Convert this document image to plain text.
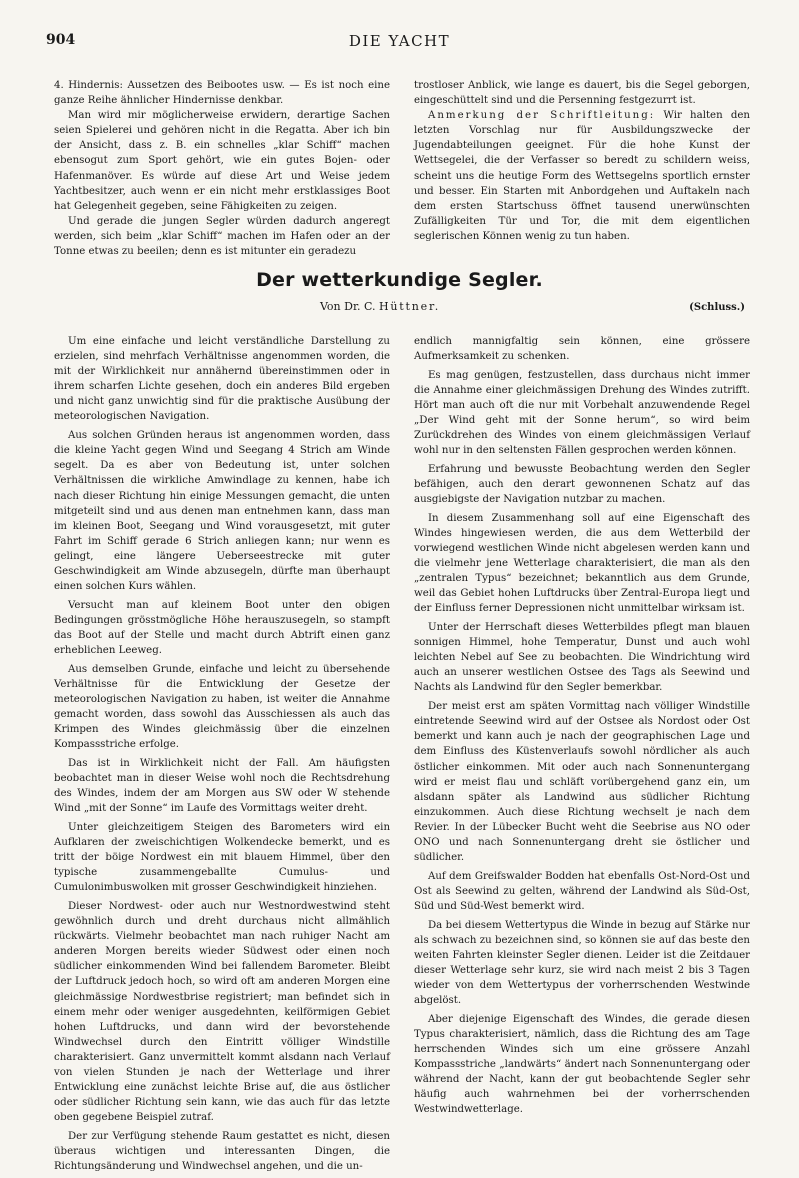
904	DIE YACHT

4. Hindernis: Aussetzen des Beibootes usw. — Es ist noch eine ganze Reihe ähnlicher Hindernisse denkbar.

Man wird mir möglicherweise erwidern, derartige Sachen seien Spielerei und gehören nicht in die Regatta. Aber ich bin der Ansicht, dass z. B. ein schnelles „klar Schiff“ machen ebensogut zum Sport gehört, wie ein gutes Bojen- oder Hafenmanöver. Es würde auf diese Art und Weise jedem Yachtbesitzer, auch wenn er ein nicht mehr erstklassiges Boot hat Gelegenheit gegeben, seine Fähigkeiten zu zeigen.

Und gerade die jungen Segler würden dadurch angeregt werden, sich beim „klar Schiff“ machen im Hafen oder an der Tonne etwas zu beeilen; denn es ist mitunter ein geradezu

trostloser Anblick, wie lange es dauert, bis die Segel geborgen, eingeschüttelt sind und die Persenning festgezurrt ist.

Anmerkung der Schriftleitung: Wir halten den letzten Vorschlag nur für Ausbildungszwecke der Jugendabteilungen geeignet. Für die hohe Kunst der Wettsegelei, die der Verfasser so beredt zu schildern weiss, scheint uns die heutige Form des Wettsegelns sportlich ernster und besser. Ein Starten mit Anbordgehen und Auftakeln nach dem ersten Startschuss öffnet tausend unerwünschten Zufälligkeiten Tür und Tor, die mit dem eigentlichen seglerischen Können wenig zu tun haben.

Der wetterkundige Segler.
Von Dr. C. Hüttner.	(Schluss.)

Um eine einfache und leicht verständliche Darstellung zu erzielen, sind mehrfach Verhältnisse angenommen worden, die mit der Wirklichkeit nur annähernd übereinstimmen oder in ihrem scharfen Lichte gesehen, doch ein anderes Bild ergeben und nicht ganz unwichtig sind für die praktische Ausübung der meteorologischen Navigation.

Aus solchen Gründen heraus ist angenommen worden, dass die kleine Yacht gegen Wind und Seegang 4 Strich am Winde segelt. Da es aber von Bedeutung ist, unter solchen Verhältnissen die wirkliche Amwindlage zu kennen, habe ich nach dieser Richtung hin einige Messungen gemacht, die unten mitgeteilt sind und aus denen man entnehmen kann, dass man im kleinen Boot, Seegang und Wind vorausgesetzt, mit guter Fahrt im Schiff gerade 6 Strich anliegen kann; nur wenn es gelingt, eine längere Ueberseestrecke mit guter Geschwindigkeit am Winde abzusegeln, dürfte man überhaupt einen solchen Kurs wählen.

Versucht man auf kleinem Boot unter den obigen Bedingungen grösstmögliche Höhe herauszusegeln, so stampft das Boot auf der Stelle und macht durch Abtrift einen ganz erheblichen Leeweg.

Aus demselben Grunde, einfache und leicht zu übersehende Verhältnisse für die Entwicklung der Gesetze der meteorologischen Navigation zu haben, ist weiter die Annahme gemacht worden, dass sowohl das Ausschiessen als auch das Krimpen des Windes gleichmässig über die einzelnen Kompassstriche erfolge.

Das ist in Wirklichkeit nicht der Fall. Am häufigsten beobachtet man in dieser Weise wohl noch die Rechtsdrehung des Windes, indem der am Morgen aus SW oder W stehende Wind „mit der Sonne“ im Laufe des Vormittags weiter dreht.

Unter gleichzeitigem Steigen des Barometers wird ein Aufklaren der zweischichtigen Wolkendecke bemerkt, und es tritt der böige Nordwest ein mit blauem Himmel, über den typische zusammengeballte Cumulus- und Cumulonimbuswolken mit grosser Geschwindigkeit hinziehen.

Dieser Nordwest- oder auch nur Westnordwestwind steht gewöhnlich durch und dreht durchaus nicht allmählich rückwärts. Vielmehr beobachtet man nach ruhiger Nacht am anderen Morgen bereits wieder Südwest oder einen noch südlicher einkommenden Wind bei fallendem Barometer. Bleibt der Luftdruck jedoch hoch, so wird oft am anderen Morgen eine gleichmässige Nordwestbrise registriert; man befindet sich in einem mehr oder weniger ausgedehnten, keilförmigen Gebiet hohen Luftdrucks, und dann wird der bevorstehende Windwechsel durch den Eintritt völliger Windstille charakterisiert. Ganz unvermittelt kommt alsdann nach Verlauf von vielen Stunden je nach der Wetterlage und ihrer Entwicklung eine zunächst leichte Brise auf, die aus östlicher oder südlicher Richtung sein kann, wie das auch für das letzte oben gegebene Beispiel zutraf.

Der zur Verfügung stehende Raum gestattet es nicht, diesen überaus wichtigen und interessanten Dingen, die Richtungsänderung und Windwechsel angehen, und die un-

endlich mannigfaltig sein können, eine grössere Aufmerksamkeit zu schenken.

Es mag genügen, festzustellen, dass durchaus nicht immer die Annahme einer gleichmässigen Drehung des Windes zutrifft. Hört man auch oft die nur mit Vorbehalt anzuwendende Regel „Der Wind geht mit der Sonne herum“, so wird beim Zurückdrehen des Windes von einem gleichmässigen Verlauf wohl nur in den seltensten Fällen gesprochen werden können.

Erfahrung und bewusste Beobachtung werden den Segler befähigen, auch den derart gewonnenen Schatz auf das ausgiebigste der Navigation nutzbar zu machen.

In diesem Zusammenhang soll auf eine Eigenschaft des Windes hingewiesen werden, die aus dem Wetterbild der vorwiegend westlichen Winde nicht abgelesen werden kann und die vielmehr jene Wetterlage charakterisiert, die man als den „zentralen Typus“ bezeichnet; bekanntlich aus dem Grunde, weil das Gebiet hohen Luftdrucks über Zentral-Europa liegt und der Einfluss ferner Depressionen nicht unmittelbar wirksam ist.

Unter der Herrschaft dieses Wetterbildes pflegt man blauen sonnigen Himmel, hohe Temperatur, Dunst und auch wohl leichten Nebel auf See zu beobachten. Die Windrichtung wird auch an unserer westlichen Ostsee des Tags als Seewind und Nachts als Landwind für den Segler bemerkbar.

Der meist erst am späten Vormittag nach völliger Windstille eintretende Seewind wird auf der Ostsee als Nordost oder Ost bemerkt und kann auch je nach der geographischen Lage und dem Einfluss des Küstenverlaufs sowohl nördlicher als auch östlicher einkommen. Mit oder auch nach Sonnenuntergang wird er meist flau und schläft vorübergehend ganz ein, um alsdann später als Landwind aus südlicher Richtung einzukommen. Auch diese Richtung wechselt je nach dem Revier. In der Lübecker Bucht weht die Seebrise aus NO oder ONO und nach Sonnenuntergang dreht sie östlicher und südlicher.

Auf dem Greifswalder Bodden hat ebenfalls Ost-Nord-Ost und Ost als Seewind zu gelten, während der Landwind als Süd-Ost, Süd und Süd-West bemerkt wird.

Da bei diesem Wettertypus die Winde in bezug auf Stärke nur als schwach zu bezeichnen sind, so können sie auf das beste den weiten Fahrten kleinster Segler dienen. Leider ist die Zeitdauer dieser Wetterlage sehr kurz, sie wird nach meist 2 bis 3 Tagen wieder von dem Wettertypus der vorherrschenden Westwinde abgelöst.

Aber diejenige Eigenschaft des Windes, die gerade diesen Typus charakterisiert, nämlich, dass die Richtung des am Tage herrschenden Windes sich um eine grössere Anzahl Kompassstriche „landwärts“ ändert nach Sonnenuntergang oder während der Nacht, kann der gut beobachtende Segler sehr häufig auch wahrnehmen bei der vorherrschenden Westwindwetterlage.
